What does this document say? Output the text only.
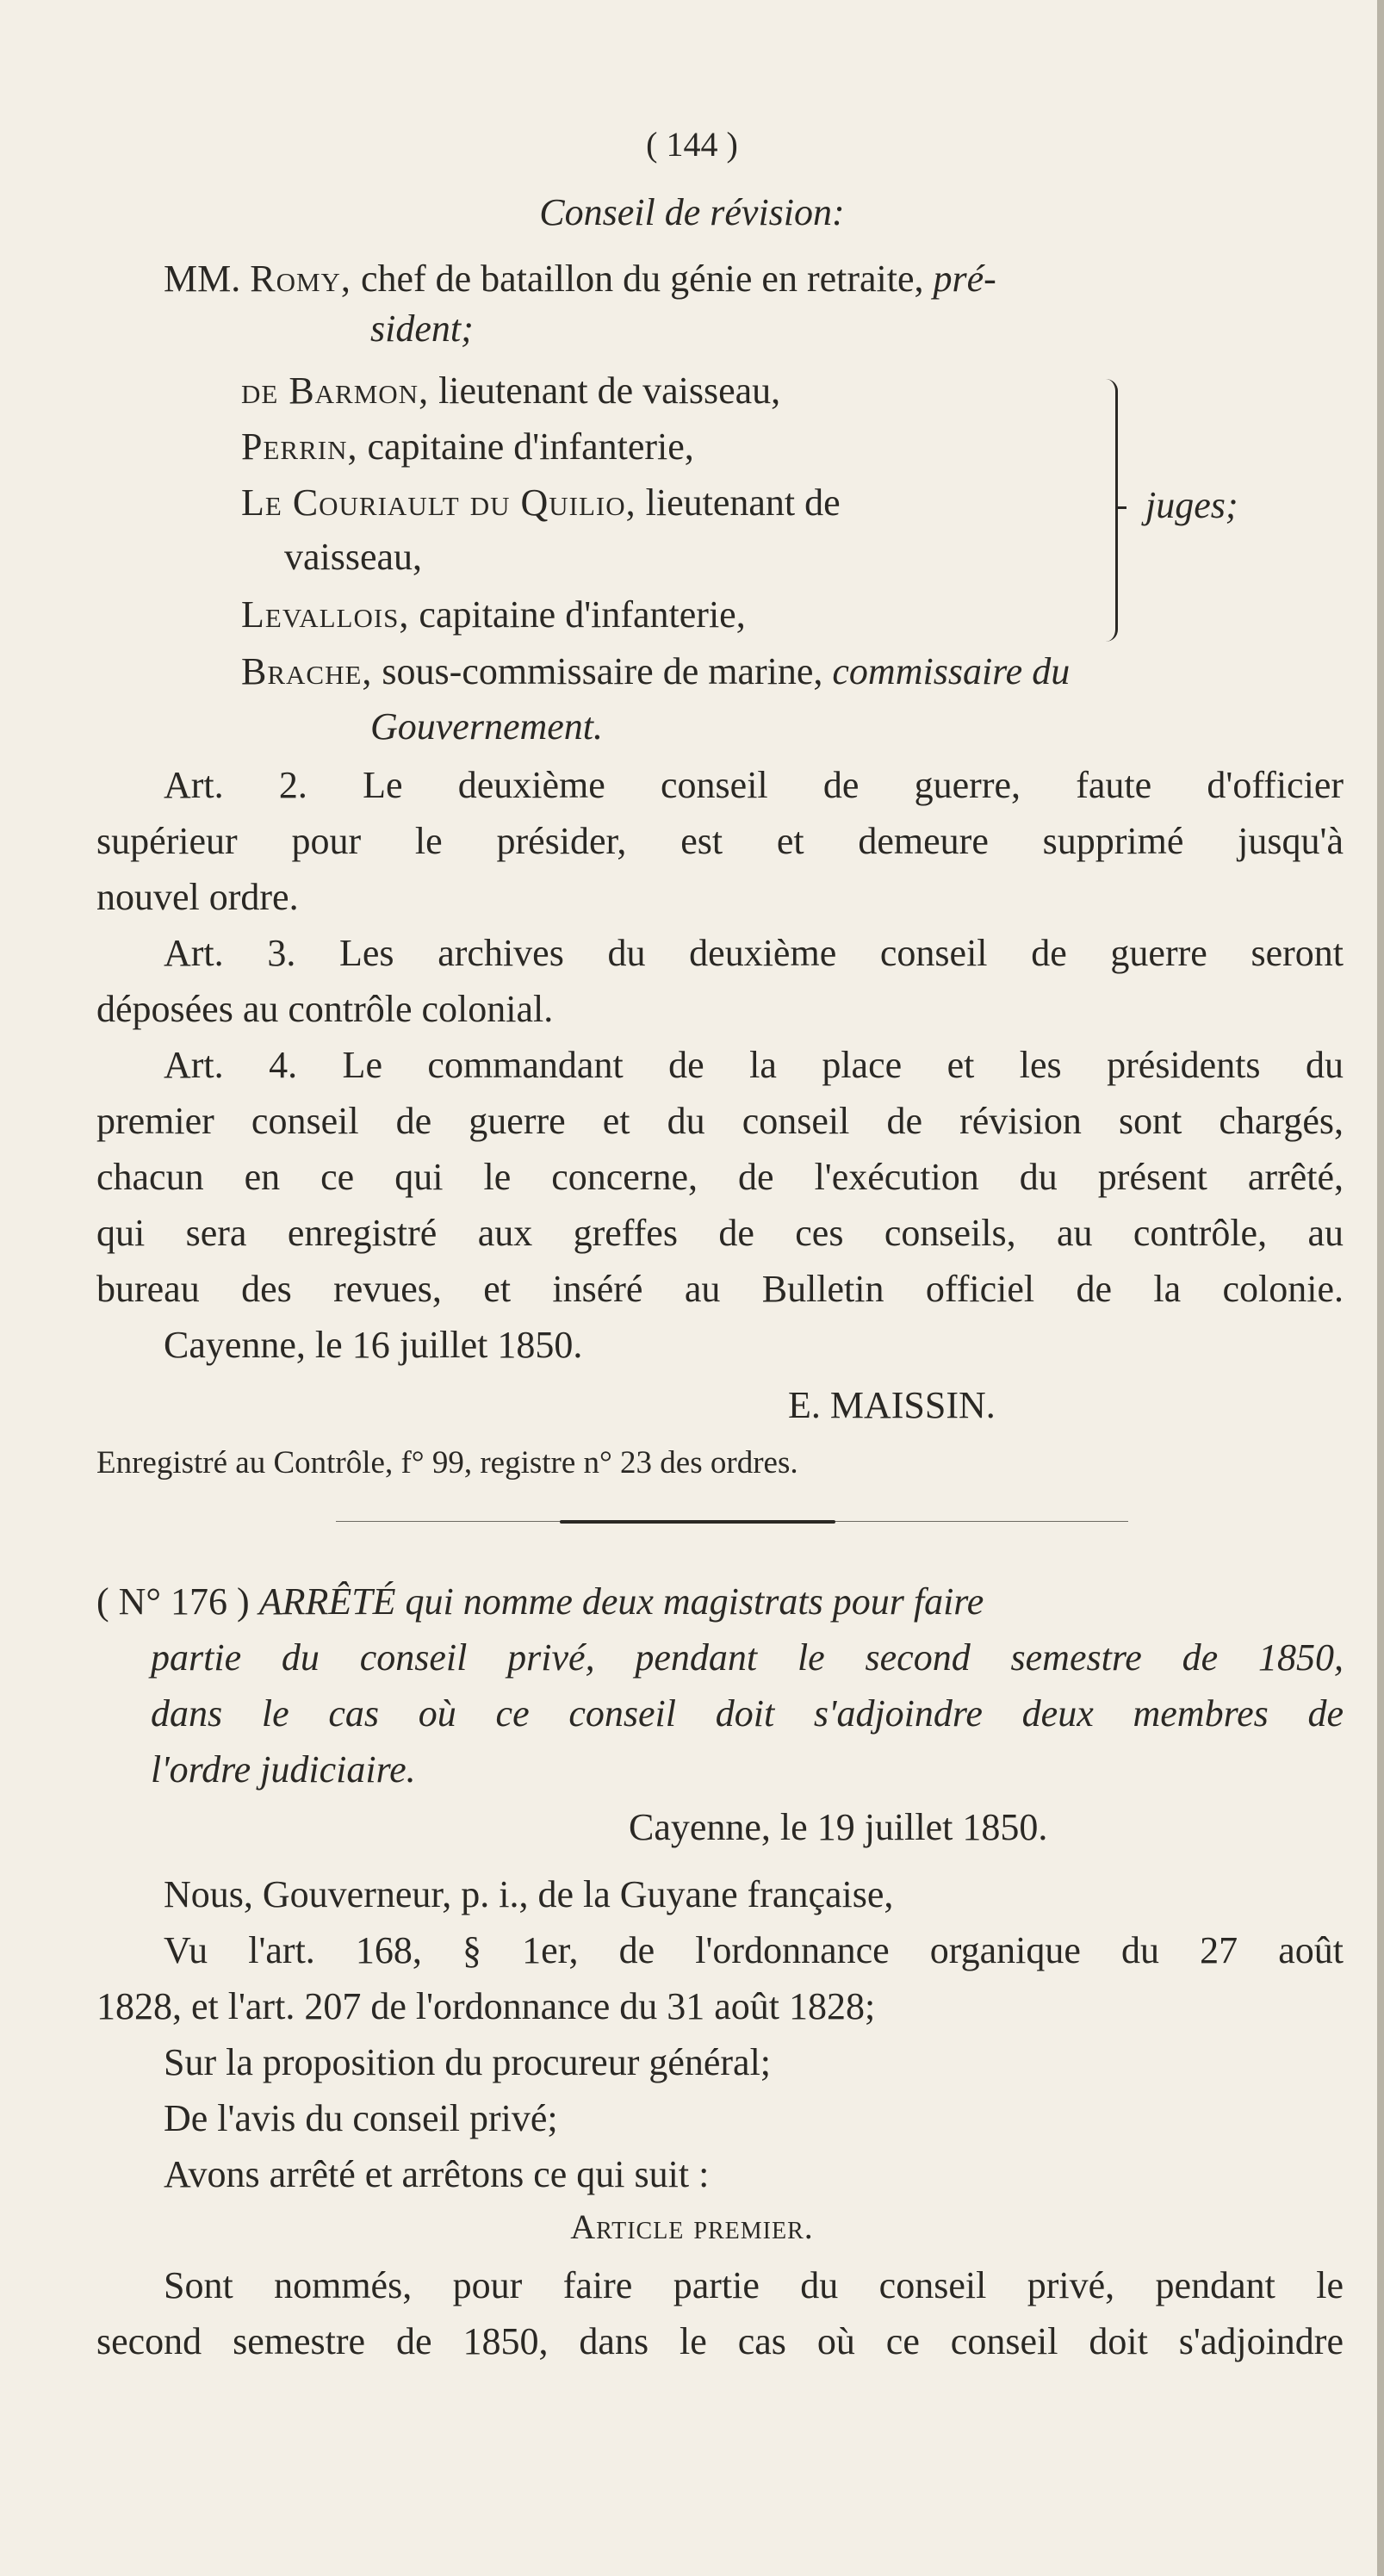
( 144 )
Conseil de révision:
MM. Romy, chef de bataillon du génie en retraite, pré-
sident;
de Barmon, lieutenant de vaisseau,
Perrin, capitaine d'infanterie,
Le Couriault du Quilio, lieutenant de
vaisseau,
Levallois, capitaine d'infanterie,
juges;
Brache, sous-commissaire de marine, commissaire du
Gouvernement.
Art. 2. Le deuxième conseil de guerre, faute d'officier
supérieur pour le présider, est et demeure supprimé jusqu'à
nouvel ordre.
Art. 3. Les archives du deuxième conseil de guerre seront
déposées au contrôle colonial.
Art. 4. Le commandant de la place et les présidents du
premier conseil de guerre et du conseil de révision sont chargés,
chacun en ce qui le concerne, de l'exécution du présent arrêté,
qui sera enregistré aux greffes de ces conseils, au contrôle, au
bureau des revues, et inséré au Bulletin officiel de la colonie.
Cayenne, le 16 juillet 1850.
E. MAISSIN.
Enregistré au Contrôle, f° 99, registre n° 23 des ordres.
( N° 176 ) ARRÊTÉ qui nomme deux magistrats pour faire
partie du conseil privé, pendant le second semestre de 1850,
dans le cas où ce conseil doit s'adjoindre deux membres de
l'ordre judiciaire.
Cayenne, le 19 juillet 1850.
Nous, Gouverneur, p. i., de la Guyane française,
Vu l'art. 168, § 1er, de l'ordonnance organique du 27 août
1828, et l'art. 207 de l'ordonnance du 31 août 1828;
Sur la proposition du procureur général;
De l'avis du conseil privé;
Avons arrêté et arrêtons ce qui suit :
Article premier.
Sont nommés, pour faire partie du conseil privé, pendant le
second semestre de 1850, dans le cas où ce conseil doit s'adjoindre
